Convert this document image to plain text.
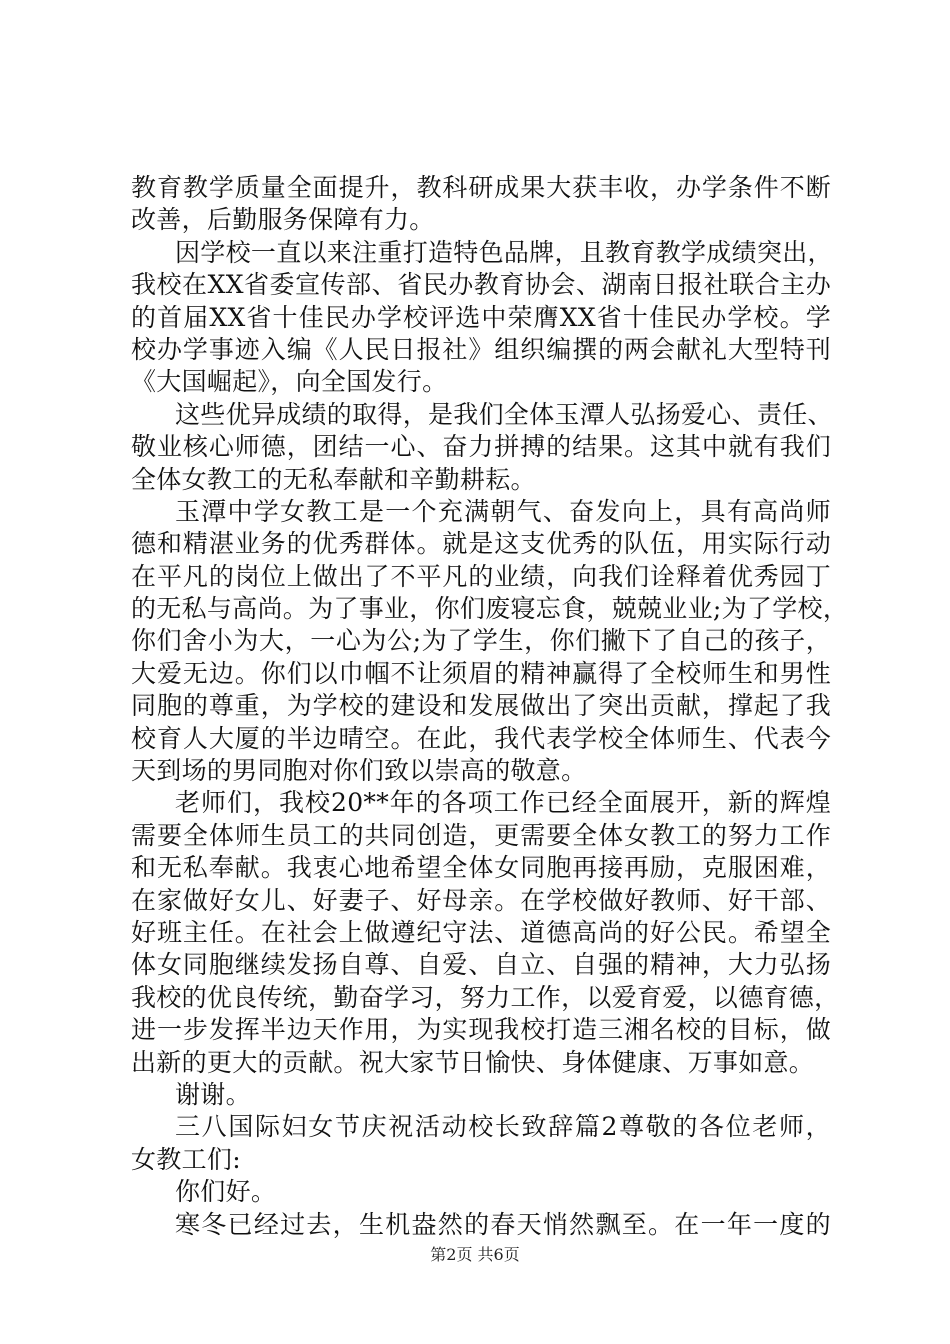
教育教学质量全面提升，教科研成果大获丰收，办学条件不断
改善，后勤服务保障有力。
因学校一直以来注重打造特色品牌，且教育教学成绩突出，
我校在XX省委宣传部、省民办教育协会、湖南日报社联合主办
的首届XX省十佳民办学校评选中荣膺XX省十佳民办学校。学
校办学事迹入编《人民日报社》组织编撰的两会献礼大型特刊
《大国崛起》，向全国发行。
这些优异成绩的取得，是我们全体玉潭人弘扬爱心、责任、
敬业核心师德，团结一心、奋力拼搏的结果。这其中就有我们
全体女教工的无私奉献和辛勤耕耘。
玉潭中学女教工是一个充满朝气、奋发向上，具有高尚师
德和精湛业务的优秀群体。就是这支优秀的队伍，用实际行动
在平凡的岗位上做出了不平凡的业绩，向我们诠释着优秀园丁
的无私与高尚。为了事业，你们废寝忘食，兢兢业业;为了学校，
你们舍小为大，一心为公;为了学生，你们撇下了自己的孩子，
大爱无边。你们以巾帼不让须眉的精神赢得了全校师生和男性
同胞的尊重，为学校的建设和发展做出了突出贡献，撑起了我
校育人大厦的半边晴空。在此，我代表学校全体师生、代表今
天到场的男同胞对你们致以崇高的敬意。
老师们，我校20**年的各项工作已经全面展开，新的辉煌
需要全体师生员工的共同创造，更需要全体女教工的努力工作
和无私奉献。我衷心地希望全体女同胞再接再励，克服困难，
在家做好女儿、好妻子、好母亲。在学校做好教师、好干部、
好班主任。在社会上做遵纪守法、道德高尚的好公民。希望全
体女同胞继续发扬自尊、自爱、自立、自强的精神，大力弘扬
我校的优良传统，勤奋学习，努力工作，以爱育爱，以德育德，
进一步发挥半边天作用，为实现我校打造三湘名校的目标，做
出新的更大的贡献。祝大家节日愉快、身体健康、万事如意。
谢谢。
三八国际妇女节庆祝活动校长致辞篇2尊敬的各位老师，
女教工们:
你们好。
寒冬已经过去，生机盎然的春天悄然飘至。在一年一度的
第2页 共6页
